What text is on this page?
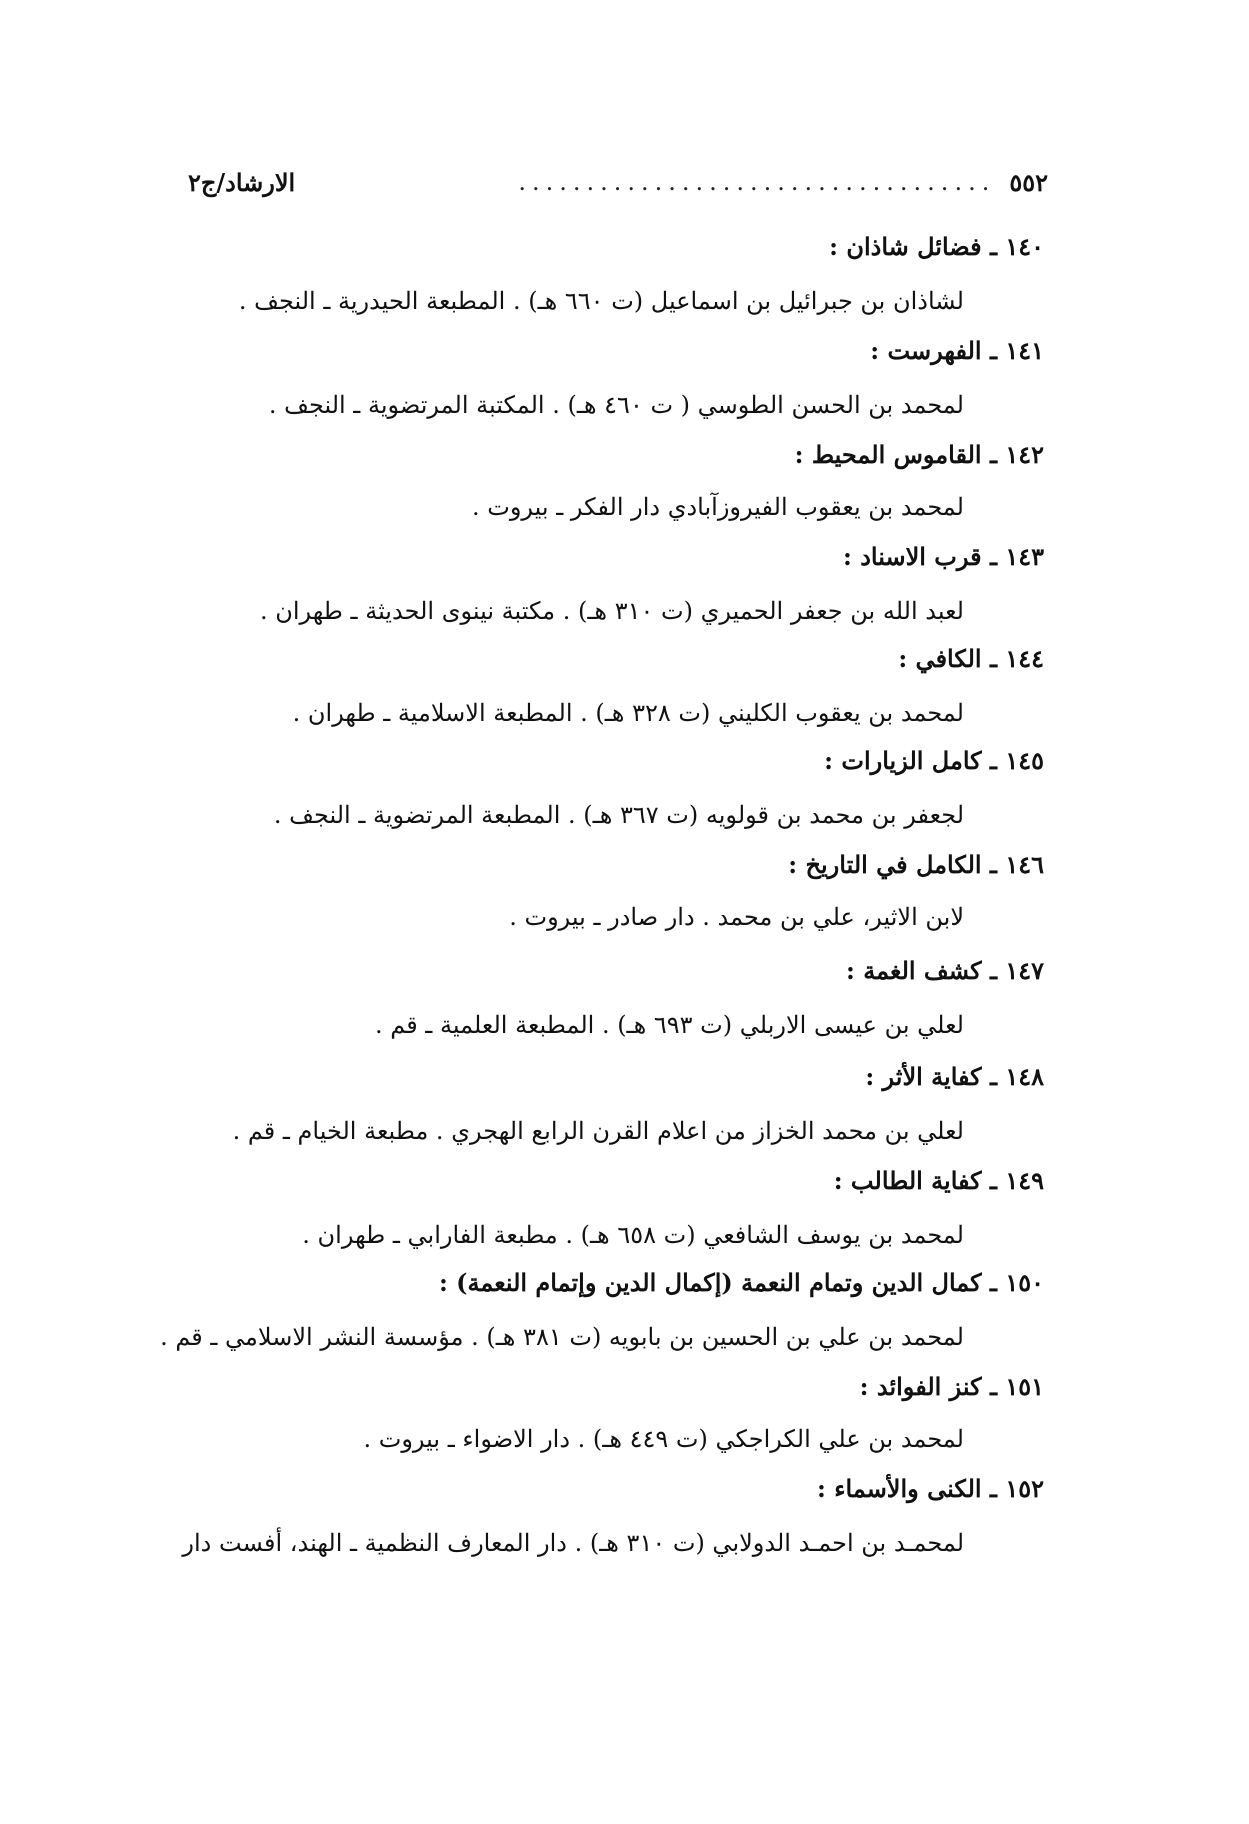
٥٥٢
...................................
الارشاد/ج٢
١٤٠ ـ فضائل شاذان :
لشاذان بن جبرائيل بن اسماعيل (ت ٦٦٠ هـ) . المطبعة الحيدرية ـ النجف .
١٤١ ـ الفهرست :
لمحمد بن الحسن الطوسي ( ت ٤٦٠ هـ) . المكتبة المرتضوية ـ النجف .
١٤٢ ـ القاموس المحيط :
لمحمد بن يعقوب الفيروزآبادي دار الفكر ـ بيروت .
١٤٣ ـ قرب الاسناد :
لعبد الله بن جعفر الحميري (ت ٣١٠ هـ) . مكتبة نينوى الحديثة ـ طهران .
١٤٤ ـ الكافي :
لمحمد بن يعقوب الكليني (ت ٣٢٨ هـ) . المطبعة الاسلامية ـ طهران .
١٤٥ ـ كامل الزيارات :
لجعفر بن محمد بن قولويه (ت ٣٦٧ هـ) . المطبعة المرتضوية ـ النجف .
١٤٦ ـ الكامل في التاريخ :
لابن الاثير، علي بن محمد . دار صادر ـ بيروت .
١٤٧ ـ كشف الغمة :
لعلي بن عيسى الاربلي (ت ٦٩٣ هـ) . المطبعة العلمية ـ قم .
١٤٨ ـ كفاية الأثر :
لعلي بن محمد الخزاز من اعلام القرن الرابع الهجري . مطبعة الخيام ـ قم .
١٤٩ ـ كفاية الطالب :
لمحمد بن يوسف الشافعي (ت ٦٥٨ هـ) . مطبعة الفارابي ـ طهران .
١٥٠ ـ كمال الدين وتمام النعمة (إكمال الدين وإتمام النعمة) :
لمحمد بن علي بن الحسين بن بابويه (ت ٣٨١ هـ) . مؤسسة النشر الاسلامي ـ قم .
١٥١ ـ كنز الفوائد :
لمحمد بن علي الكراجكي (ت ٤٤٩ هـ) . دار الاضواء ـ بيروت .
١٥٢ ـ الكنى والأسماء :
لمحمـد بن احمـد الدولابي (ت ٣١٠ هـ) . دار المعارف النظمية ـ الهند، أفست دار
